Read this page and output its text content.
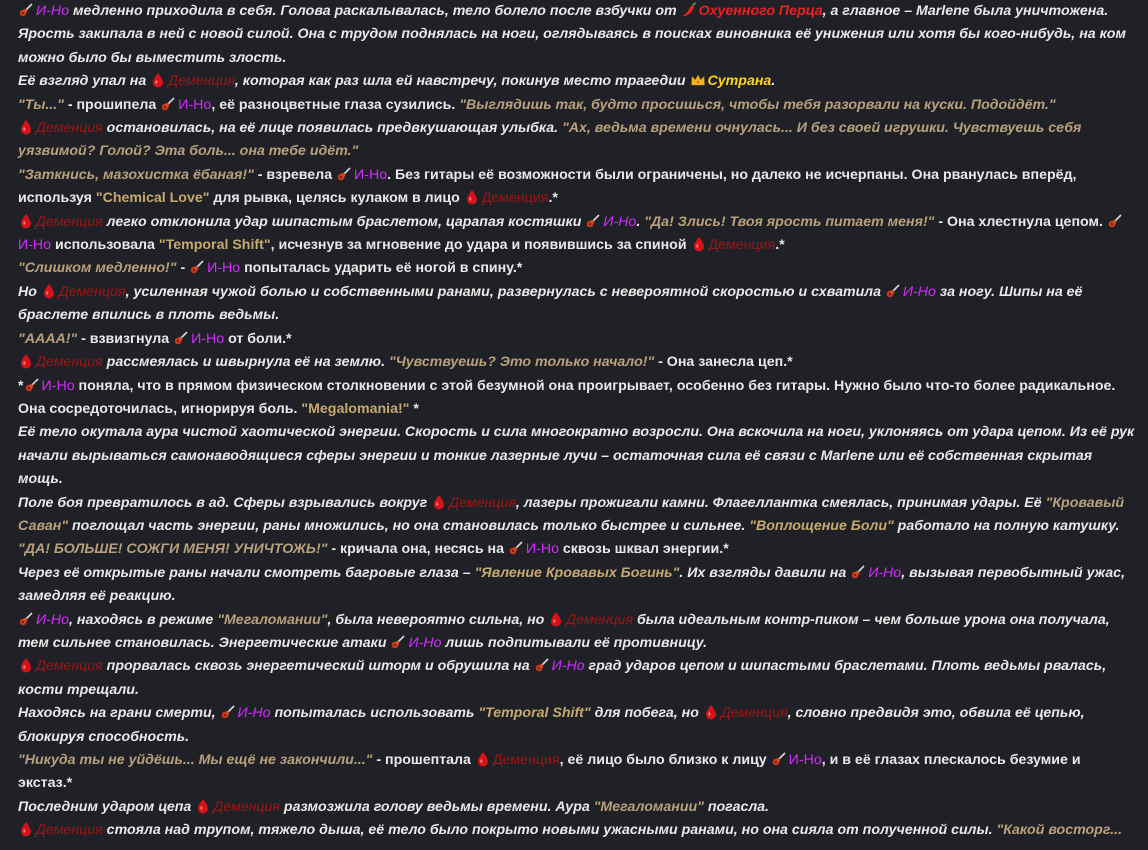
И-Но медленно приходила в себя. Голова раскалывалась, тело болело после взбучки от Охуенного Перца, а главное – Marlene была уничтожена. Ярость закипала в ней с новой силой. Она с трудом поднялась на ноги, оглядываясь в поисках виновника её унижения или хотя бы кого-нибудь, на ком можно было бы выместить злость.

Её взгляд упал на Деменция, которая как раз шла ей навстречу, покинув место трагедии Сутрана.

"Ты..." - прошипела И-Но, её разноцветные глаза сузились. "Выглядишь так, будто просишься, чтобы тебя разорвали на куски. Подойдёт."

Деменция остановилась, на её лице появилась предвкушающая улыбка. "Ах, ведьма времени очнулась... И без своей игрушки. Чувствуешь себя уязвимой? Голой? Эта боль... она тебе идёт."

"Заткнись, мазохистка ёбаная!" - взревела И-Но. Без гитары её возможности были ограничены, но далеко не исчерпаны. Она рванулась вперёд, используя "Chemical Love" для рывка, целясь кулаком в лицо Деменция.*

Деменция легко отклонила удар шипастым браслетом, царапая костяшки И-Но. "Да! Злись! Твоя ярость питает меня!" - Она хлестнула цепом. И-Но использовала "Temporal Shift", исчезнув за мгновение до удара и появившись за спиной Деменция.*

"Слишком медленно!" - И-Но попыталась ударить её ногой в спину.*

Но Деменция, усиленная чужой болью и собственными ранами, развернулась с невероятной скоростью и схватила И-Но за ногу. Шипы на её браслете впились в плоть ведьмы.

"АААА!" - взвизгнула И-Но от боли.*

Деменция рассмеялась и швырнула её на землю. "Чувствуешь? Это только начало!" - Она занесла цеп.*

* И-Но поняла, что в прямом физическом столкновении с этой безумной она проигрывает, особенно без гитары. Нужно было что-то более радикальное. Она сосредоточилась, игнорируя боль. "Megalomania!" *

Её тело окутала аура чистой хаотической энергии. Скорость и сила многократно возросли. Она вскочила на ноги, уклоняясь от удара цепом. Из её рук начали вырываться самонаводящиеся сферы энергии и тонкие лазерные лучи – остаточная сила её связи с Marlene или её собственная скрытая мощь.

Поле боя превратилось в ад. Сферы взрывались вокруг Деменция, лазеры прожигали камни. Флагеллантка смеялась, принимая удары. Её "Кровавый Саван" поглощал часть энергии, раны множились, но она становилась только быстрее и сильнее. "Воплощение Боли" работало на полную катушку.

"ДА! БОЛЬШЕ! СОЖГИ МЕНЯ! УНИЧТОЖЬ!" - кричала она, несясь на И-Но сквозь шквал энергии.*

Через её открытые раны начали смотреть багровые глаза – "Явление Кровавых Богинь". Их взгляды давили на И-Но, вызывая первобытный ужас, замедляя её реакцию.

И-Но, находясь в режиме "Мегаломании", была невероятно сильна, но Деменция была идеальным контр-пиком – чем больше урона она получала, тем сильнее становилась. Энергетические атаки И-Но лишь подпитывали её противницу.

Деменция прорвалась сквозь энергетический шторм и обрушила на И-Но град ударов цепом и шипастыми браслетами. Плоть ведьмы рвалась, кости трещали.

Находясь на грани смерти, И-Но попыталась использовать "Temporal Shift" для побега, но Деменция, словно предвидя это, обвила её цепью, блокируя способность.

"Никуда ты не уйдёшь... Мы ещё не закончили..." - прошептала Деменция, её лицо было близко к лицу И-Но, и в её глазах плескалось безумие и экстаз.*

Последним ударом цепа Деменция размозжила голову ведьмы времени. Аура "Мегаломании" погасла.

Деменция стояла над трупом, тяжело дыша, её тело было покрыто новыми ужасными ранами, но она сияла от полученной силы. "Какой восторг...
